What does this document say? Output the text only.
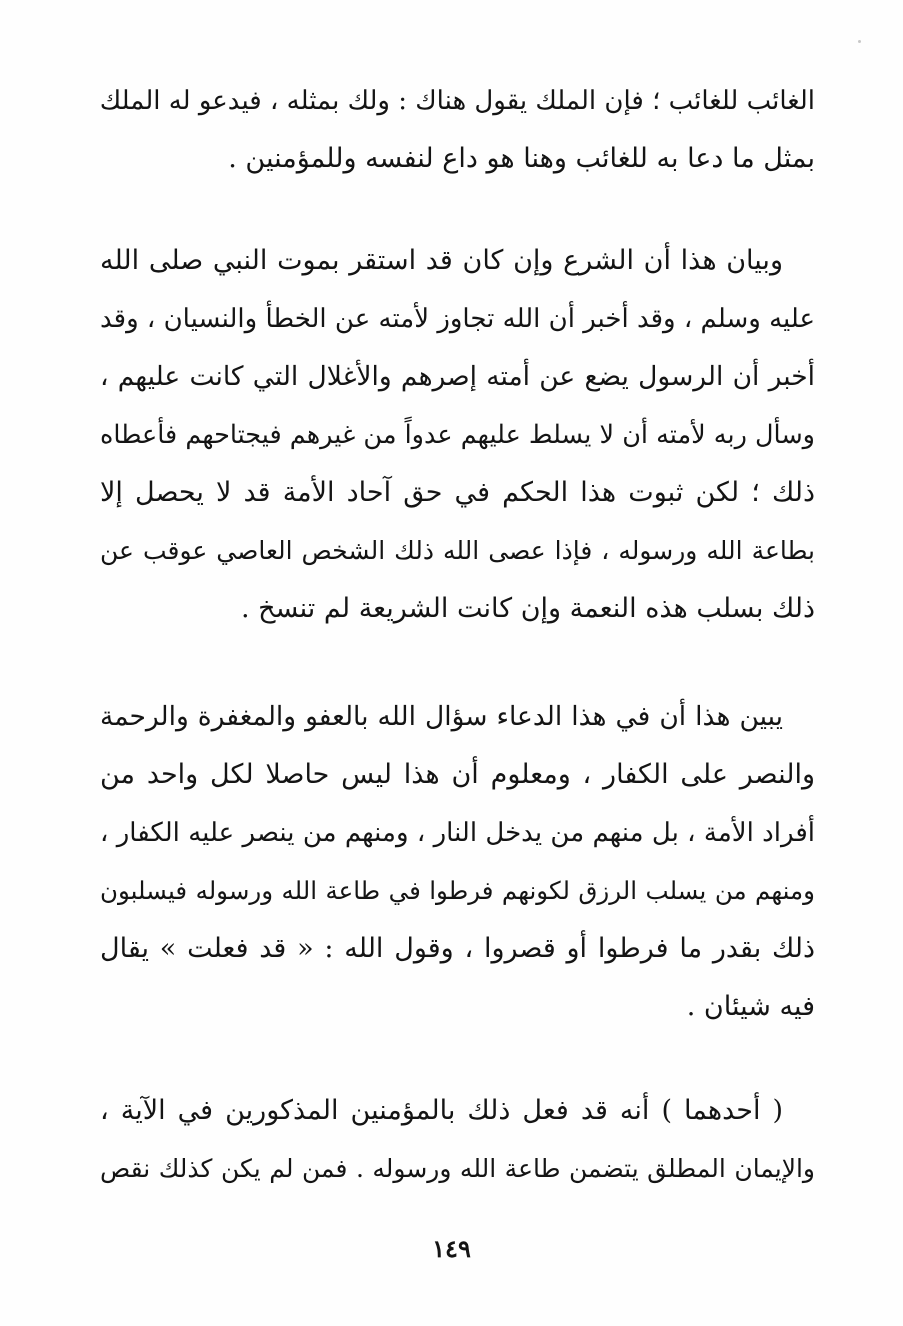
الغائب للغائب ؛ فإن الملك يقول هناك : ولك بمثله ، فيدعو له الملك
بمثل ما دعا به للغائب وهنا هو داع لنفسه وللمؤمنين .
وبيان هذا أن الشرع وإن كان قد استقر بموت النبي صلى الله
عليه وسلم ، وقد أخبر أن الله تجاوز لأمته عن الخطأ والنسيان ، وقد
أخبر أن الرسول يضع عن أمته إصرهم والأغلال التي كانت عليهم ،
وسأل ربه لأمته أن لا يسلط عليهم عدواً من غيرهم فيجتاحهم فأعطاه
ذلك ؛ لكن ثبوت هذا الحكم في حق آحاد الأمة قد لا يحصل إلا
بطاعة الله ورسوله ، فإذا عصى الله ذلك الشخص العاصي عوقب عن
ذلك بسلب هذه النعمة وإن كانت الشريعة لم تنسخ .
يبين هذا أن في هذا الدعاء سؤال الله بالعفو والمغفرة والرحمة
والنصر على الكفار ، ومعلوم أن هذا ليس حاصلا لكل واحد من
أفراد الأمة ، بل منهم من يدخل النار ، ومنهم من ينصر عليه الكفار ،
ومنهم من يسلب الرزق لكونهم فرطوا في طاعة الله ورسوله فيسلبون
ذلك بقدر ما فرطوا أو قصروا ، وقول الله : « قد فعلت » يقال
فيه شيئان .
( أحدهما ) أنه قد فعل ذلك بالمؤمنين المذكورين في الآية ،
والإيمان المطلق يتضمن طاعة الله ورسوله . فمن لم يكن كذلك نقص
١٤٩
